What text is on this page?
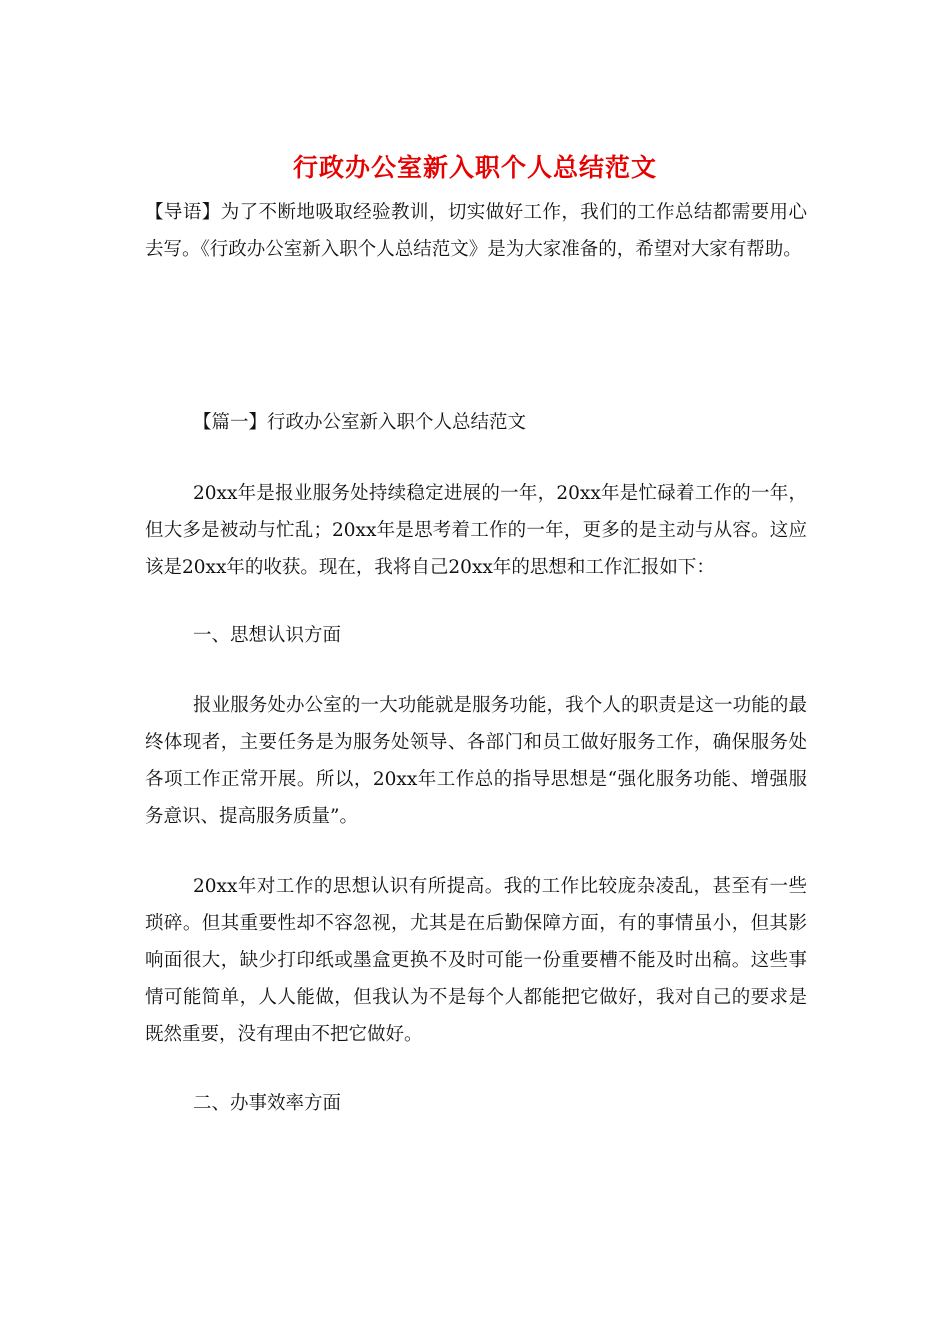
行政办公室新入职个人总结范文
【导语】为了不断地吸取经验教训，切实做好工作，我们的工作总结都需要用心去写。《行政办公室新入职个人总结范文》是为大家准备的，希望对大家有帮助。
【篇一】行政办公室新入职个人总结范文
20xx年是报业服务处持续稳定进展的一年，20xx年是忙碌着工作的一年，但大多是被动与忙乱；20xx年是思考着工作的一年，更多的是主动与从容。这应该是20xx年的收获。现在，我将自己20xx年的思想和工作汇报如下：
一、思想认识方面
报业服务处办公室的一大功能就是服务功能，我个人的职责是这一功能的最终体现者，主要任务是为服务处领导、各部门和员工做好服务工作，确保服务处各项工作正常开展。所以，20xx年工作总的指导思想是“强化服务功能、增强服务意识、提高服务质量”。
20xx年对工作的思想认识有所提高。我的工作比较庞杂凌乱，甚至有一些琐碎。但其重要性却不容忽视，尤其是在后勤保障方面，有的事情虽小，但其影响面很大，缺少打印纸或墨盒更换不及时可能一份重要槽不能及时出稿。这些事情可能简单，人人能做，但我认为不是每个人都能把它做好，我对自己的要求是既然重要，没有理由不把它做好。
二、办事效率方面
